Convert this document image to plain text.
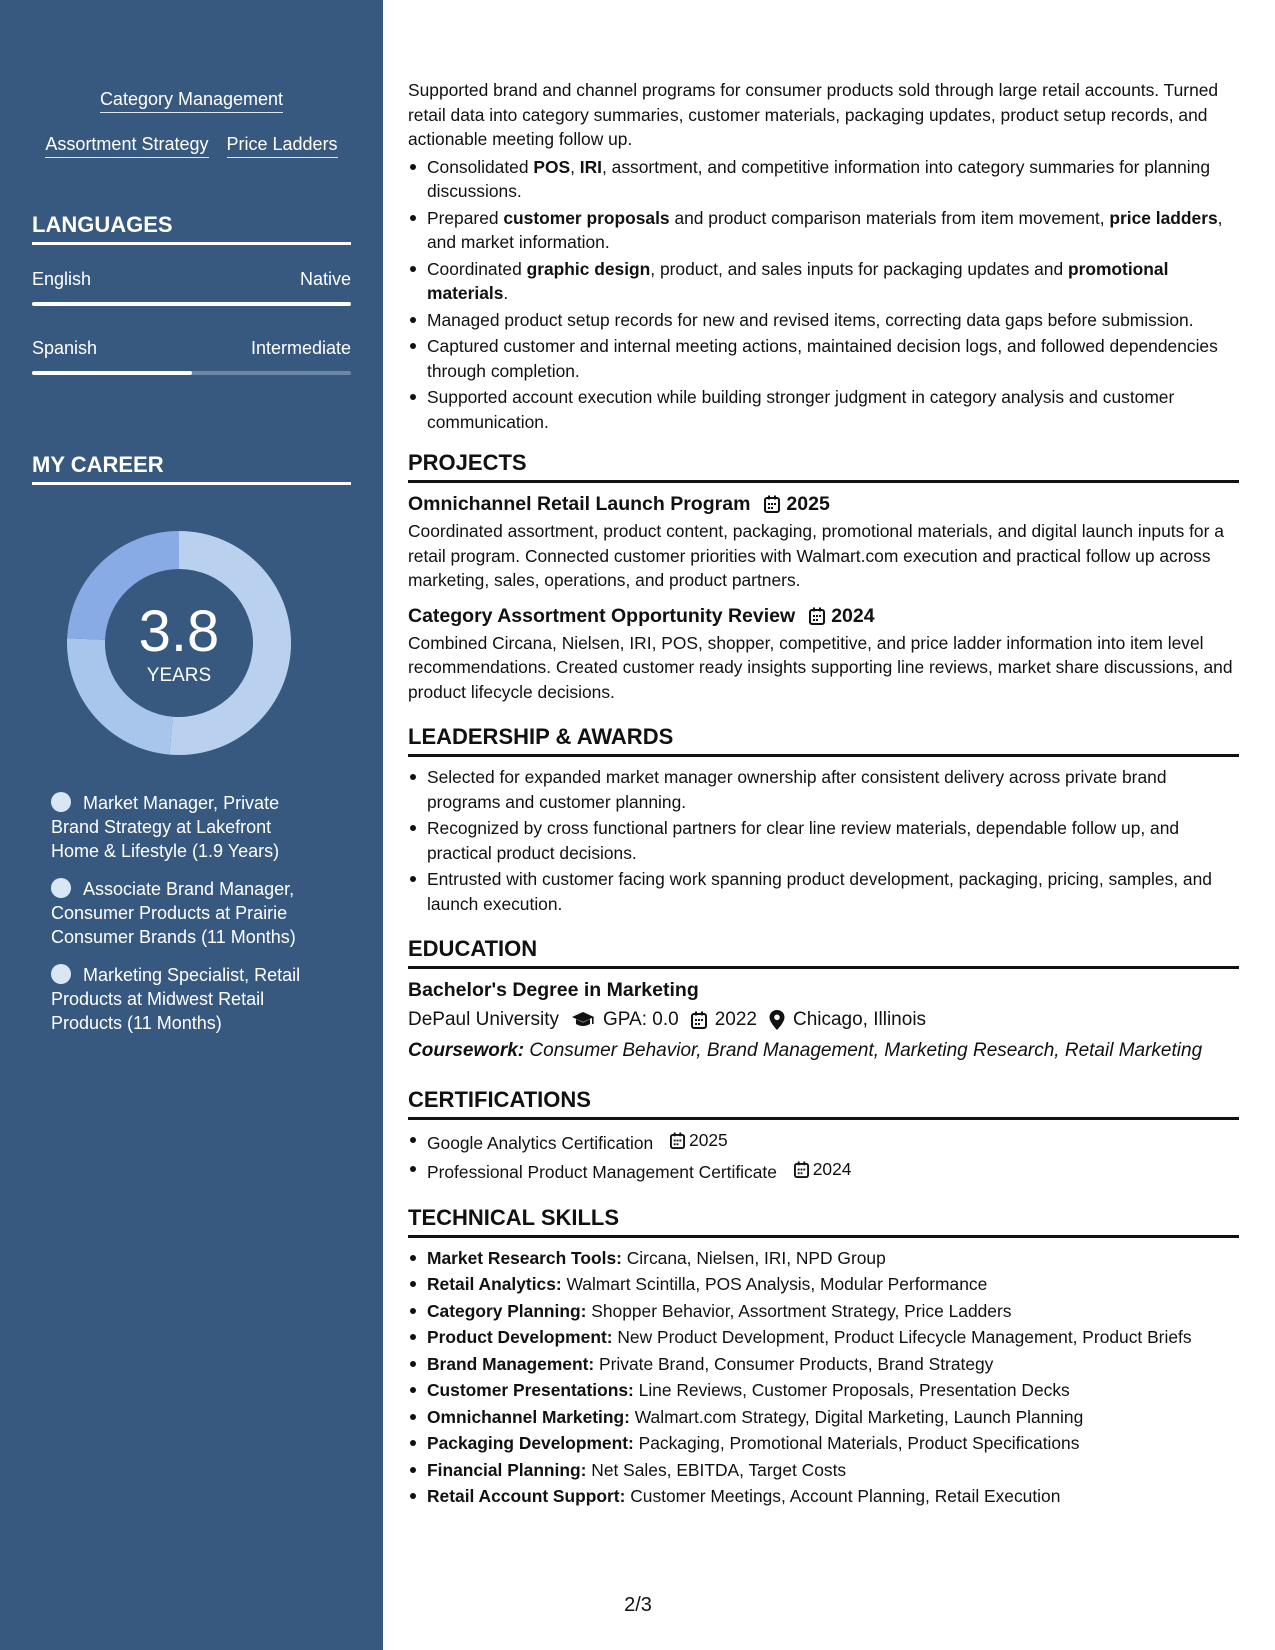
Category Management
Assortment Strategy Price Ladders
LANGUAGES
English	Native
Spanish	Intermediate
MY CAREER
3.8
YEARS
Market Manager, Private Brand Strategy at Lakefront Home & Lifestyle (1.9 Years)
Associate Brand Manager, Consumer Products at Prairie Consumer Brands (11 Months)
Marketing Specialist, Retail Products at Midwest Retail Products (11 Months)

Supported brand and channel programs for consumer products sold through large retail accounts. Turned retail data into category summaries, customer materials, packaging updates, product setup records, and actionable meeting follow up.

Consolidated POS, IRI, assortment, and competitive information into category summaries for planning discussions.
Prepared customer proposals and product comparison materials from item movement, price ladders, and market information.
Coordinated graphic design, product, and sales inputs for packaging updates and promotional materials.
Managed product setup records for new and revised items, correcting data gaps before submission.
Captured customer and internal meeting actions, maintained decision logs, and followed dependencies through completion.
Supported account execution while building stronger judgment in category analysis and customer communication.
PROJECTS
Omnichannel Retail Launch Program 2025

Coordinated assortment, product content, packaging, promotional materials, and digital launch inputs for a retail program. Connected customer priorities with Walmart.com execution and practical follow up across marketing, sales, operations, and product partners.

Category Assortment Opportunity Review 2024

Combined Circana, Nielsen, IRI, POS, shopper, competitive, and price ladder information into item level recommendations. Created customer ready insights supporting line reviews, market share discussions, and product lifecycle decisions.

LEADERSHIP & AWARDS
Selected for expanded market manager ownership after consistent delivery across private brand programs and customer planning.
Recognized by cross functional partners for clear line review materials, dependable follow up, and practical product decisions.
Entrusted with customer facing work spanning product development, packaging, pricing, samples, and launch execution.
EDUCATION
Bachelor's Degree in Marketing
DePaul University GPA: 0.0 2022 Chicago, Illinois
Coursework: Consumer Behavior, Brand Management, Marketing Research, Retail Marketing
CERTIFICATIONS
Google Analytics Certification 2025
Professional Product Management Certificate 2024
TECHNICAL SKILLS
Market Research Tools: Circana, Nielsen, IRI, NPD Group
Retail Analytics: Walmart Scintilla, POS Analysis, Modular Performance
Category Planning: Shopper Behavior, Assortment Strategy, Price Ladders
Product Development: New Product Development, Product Lifecycle Management, Product Briefs
Brand Management: Private Brand, Consumer Products, Brand Strategy
Customer Presentations: Line Reviews, Customer Proposals, Presentation Decks
Omnichannel Marketing: Walmart.com Strategy, Digital Marketing, Launch Planning
Packaging Development: Packaging, Promotional Materials, Product Specifications
Financial Planning: Net Sales, EBITDA, Target Costs
Retail Account Support: Customer Meetings, Account Planning, Retail Execution
2/3
